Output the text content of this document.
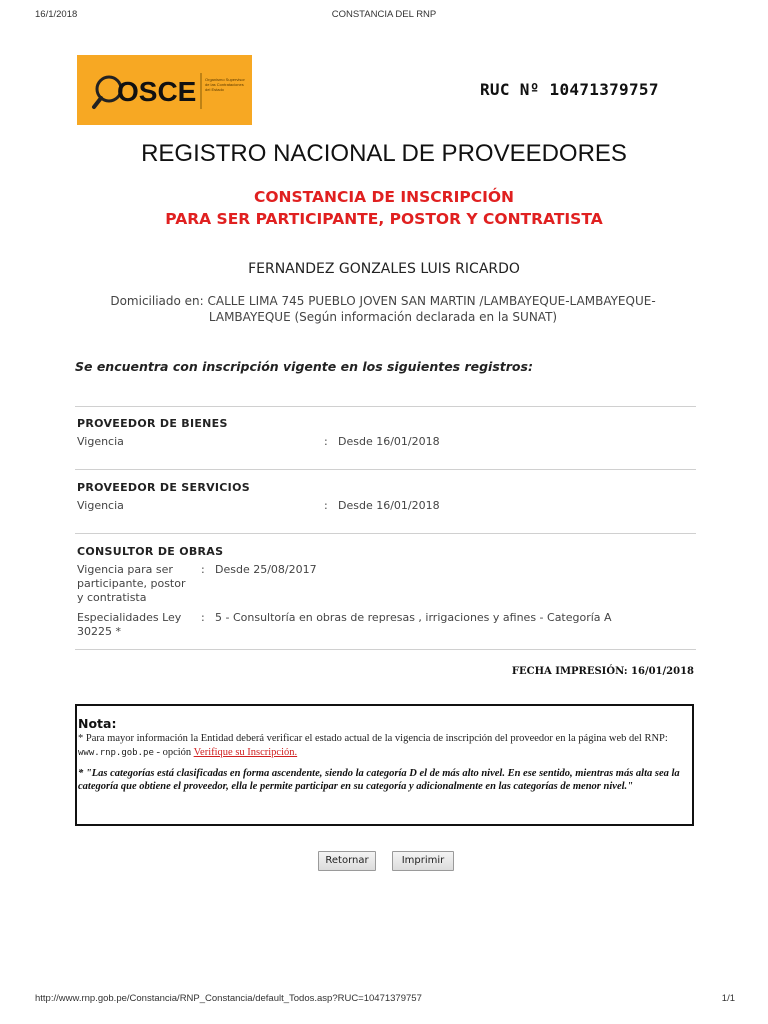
16/1/2018	CONSTANCIA DEL RNP
OSCE Organismo Supervisor de las Contrataciones del Estado	RUC Nº 10471379757
REGISTRO NACIONAL DE PROVEEDORES
CONSTANCIA DE INSCRIPCIÓN
PARA SER PARTICIPANTE, POSTOR Y CONTRATISTA
FERNANDEZ GONZALES LUIS RICARDO
Domiciliado en: CALLE LIMA 745 PUEBLO JOVEN SAN MARTIN /LAMBAYEQUE-LAMBAYEQUE-
LAMBAYEQUE (Según información declarada en la SUNAT)
Se encuentra con inscripción vigente en los siguientes registros:
PROVEEDOR DE BIENES
Vigencia	: Desde 16/01/2018
PROVEEDOR DE SERVICIOS
Vigencia	: Desde 16/01/2018
CONSULTOR DE OBRAS
Vigencia para ser
participante, postor
y contratista
: Desde 25/08/2017
Especialidades Ley
30225 *
: 5 - Consultoría en obras de represas , irrigaciones y afines - Categoría A
FECHA IMPRESIÓN: 16/01/2018
Nota:
* Para mayor información la Entidad deberá verificar el estado actual de la vigencia de inscripción del proveedor en la página web del RNP: www.rnp.gob.pe - opción Verifique su Inscripción.
* "Las categorías está clasificadas en forma ascendente, siendo la categoría D el de más alto nivel. En ese sentido, mientras más alta sea la categoría que obtiene el proveedor, ella le permite participar en su categoría y adicionalmente en las categorías de menor nivel."
Retornar	Imprimir
http://www.rnp.gob.pe/Constancia/RNP_Constancia/default_Todos.asp?RUC=10471379757	1/1
